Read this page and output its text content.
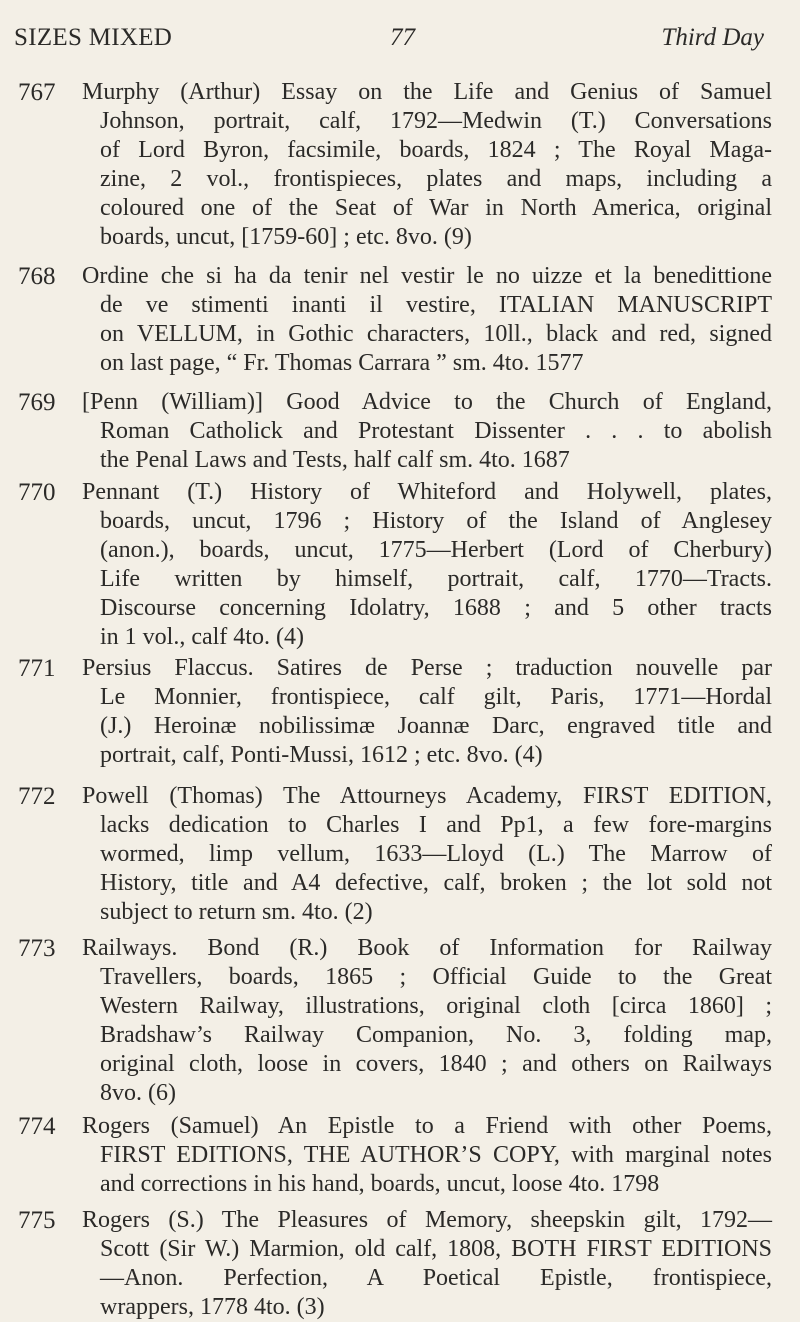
SIZES MIXED	77	Third Day
767 Murphy (Arthur) Essay on the Life and Genius of Samuel
Johnson, portrait, calf, 1792—Medwin (T.) Conversations
of Lord Byron, facsimile, boards, 1824 ; The Royal Maga-
zine, 2 vol., frontispieces, plates and maps, including a
coloured one of the Seat of War in North America, original
boards, uncut, [1759-60] ; etc. 8vo. (9)
768 Ordine che si ha da tenir nel vestir le no uizze et la benedittione
de ve stimenti inanti il vestire, ITALIAN MANUSCRIPT
on VELLUM, in Gothic characters, 10ll., black and red, signed
on last page, “ Fr. Thomas Carrara ” sm. 4to. 1577
769 [Penn (William)] Good Advice to the Church of England,
Roman Catholick and Protestant Dissenter . . . to abolish
the Penal Laws and Tests, half calf sm. 4to. 1687
770 Pennant (T.) History of Whiteford and Holywell, plates,
boards, uncut, 1796 ; History of the Island of Anglesey
(anon.), boards, uncut, 1775—Herbert (Lord of Cherbury)
Life written by himself, portrait, calf, 1770—Tracts.
Discourse concerning Idolatry, 1688 ; and 5 other tracts
in 1 vol., calf 4to. (4)
771 Persius Flaccus. Satires de Perse ; traduction nouvelle par
Le Monnier, frontispiece, calf gilt, Paris, 1771—Hordal
(J.) Heroinæ nobilissimæ Joannæ Darc, engraved title and
portrait, calf, Ponti-Mussi, 1612 ; etc. 8vo. (4)
772 Powell (Thomas) The Attourneys Academy, FIRST EDITION,
lacks dedication to Charles I and Pp1, a few fore-margins
wormed, limp vellum, 1633—Lloyd (L.) The Marrow of
History, title and A4 defective, calf, broken ; the lot sold not
subject to return sm. 4to. (2)
773 Railways. Bond (R.) Book of Information for Railway
Travellers, boards, 1865 ; Official Guide to the Great
Western Railway, illustrations, original cloth [circa 1860] ;
Bradshaw’s Railway Companion, No. 3, folding map,
original cloth, loose in covers, 1840 ; and others on Railways
8vo. (6)
774 Rogers (Samuel) An Epistle to a Friend with other Poems,
FIRST EDITIONS, THE AUTHOR’S COPY, with marginal notes
and corrections in his hand, boards, uncut, loose 4to. 1798
775 Rogers (S.) The Pleasures of Memory, sheepskin gilt, 1792—
Scott (Sir W.) Marmion, old calf, 1808, BOTH FIRST EDITIONS
—Anon. Perfection, A Poetical Epistle, frontispiece,
wrappers, 1778 4to. (3)
